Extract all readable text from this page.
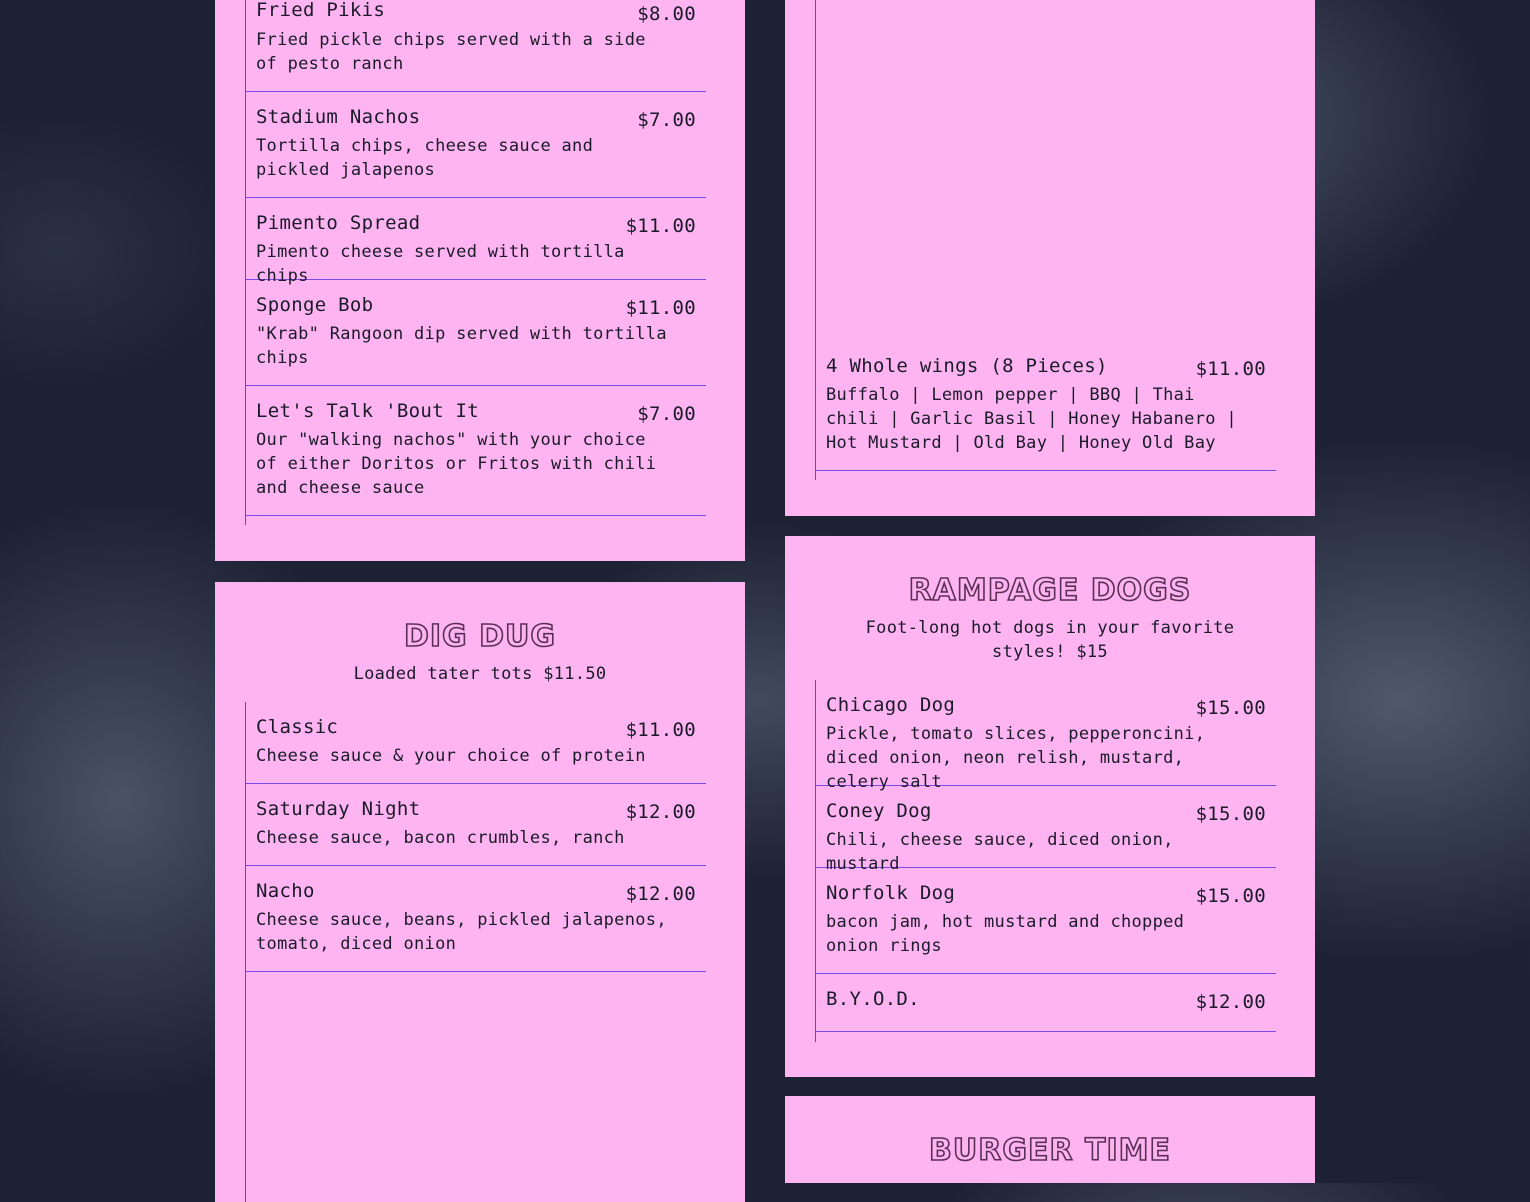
Fried Pikis	$8.00
Fried pickle chips served with a side of pesto ranch
Stadium Nachos	$7.00
Tortilla chips, cheese sauce and pickled jalapenos
Pimento Spread	$11.00
Pimento cheese served with tortilla chips
Sponge Bob	$11.00
"Krab" Rangoon dip served with tortilla chips
Let's Talk 'Bout It	$7.00
Our "walking nachos" with your choice of either Doritos or Fritos with chili and cheese sauce
4 Whole wings (8 Pieces)	$11.00
Buffalo | Lemon pepper | BBQ | Thai chili | Garlic Basil | Honey Habanero | Hot Mustard | Old Bay | Honey Old Bay
DIG DUG
Loaded tater tots $11.50
Classic	$11.00
Cheese sauce & your choice of protein
Saturday Night	$12.00
Cheese sauce, bacon crumbles, ranch
Nacho	$12.00
Cheese sauce, beans, pickled jalapenos, tomato, diced onion
RAMPAGE DOGS
Foot-long hot dogs in your favorite styles! $15
Chicago Dog	$15.00
Pickle, tomato slices, pepperoncini, diced onion, neon relish, mustard, celery salt
Coney Dog	$15.00
Chili, cheese sauce, diced onion, mustard
Norfolk Dog	$15.00
bacon jam, hot mustard and chopped onion rings
B.Y.O.D.	$12.00
BURGER TIME
